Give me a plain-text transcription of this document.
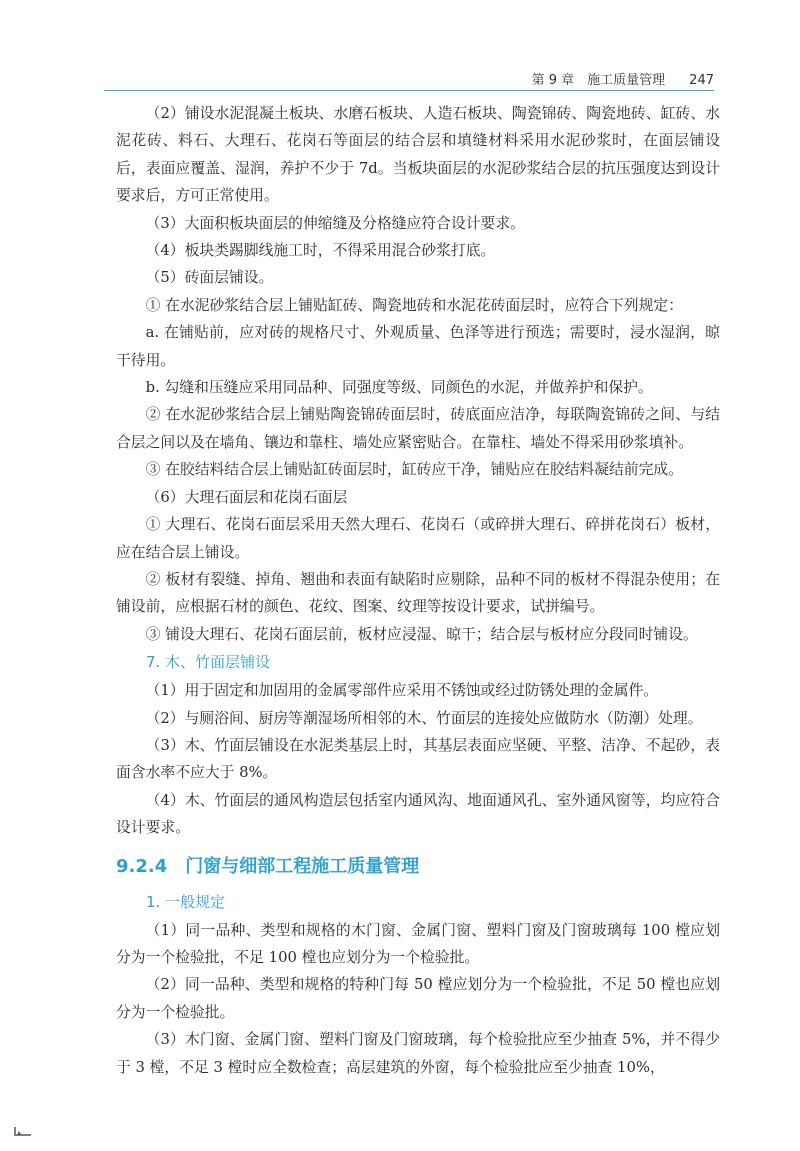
第 9 章　施工质量管理 247

（2）铺设水泥混凝土板块、水磨石板块、人造石板块、陶瓷锦砖、陶瓷地砖、缸砖、水泥花砖、料石、大理石、花岗石等面层的结合层和填缝材料采用水泥砂浆时，在面层铺设后，表面应覆盖、湿润，养护不少于 7d。当板块面层的水泥砂浆结合层的抗压强度达到设计要求后，方可正常使用。

（3）大面积板块面层的伸缩缝及分格缝应符合设计要求。

（4）板块类踢脚线施工时，不得采用混合砂浆打底。

（5）砖面层铺设。

① 在水泥砂浆结合层上铺贴缸砖、陶瓷地砖和水泥花砖面层时，应符合下列规定：

a. 在铺贴前，应对砖的规格尺寸、外观质量、色泽等进行预选；需要时，浸水湿润，晾干待用。

b. 勾缝和压缝应采用同品种、同强度等级、同颜色的水泥，并做养护和保护。

② 在水泥砂浆结合层上铺贴陶瓷锦砖面层时，砖底面应洁净，每联陶瓷锦砖之间、与结合层之间以及在墙角、镶边和靠柱、墙处应紧密贴合。在靠柱、墙处不得采用砂浆填补。

③ 在胶结料结合层上铺贴缸砖面层时，缸砖应干净，铺贴应在胶结料凝结前完成。

（6）大理石面层和花岗石面层

① 大理石、花岗石面层采用天然大理石、花岗石（或碎拼大理石、碎拼花岗石）板材，应在结合层上铺设。

② 板材有裂缝、掉角、翘曲和表面有缺陷时应剔除，品种不同的板材不得混杂使用；在铺设前，应根据石材的颜色、花纹、图案、纹理等按设计要求，试拼编号。

③ 铺设大理石、花岗石面层前，板材应浸湿、晾干；结合层与板材应分段同时铺设。

7. 木、竹面层铺设

（1）用于固定和加固用的金属零部件应采用不锈蚀或经过防锈处理的金属件。

（2）与厕浴间、厨房等潮湿场所相邻的木、竹面层的连接处应做防水（防潮）处理。

（3）木、竹面层铺设在水泥类基层上时，其基层表面应坚硬、平整、洁净、不起砂，表面含水率不应大于 8%。

（4）木、竹面层的通风构造层包括室内通风沟、地面通风孔、室外通风窗等，均应符合设计要求。

9.2.4 门窗与细部工程施工质量管理

1. 一般规定

（1）同一品种、类型和规格的木门窗、金属门窗、塑料门窗及门窗玻璃每 100 樘应划分为一个检验批，不足 100 樘也应划分为一个检验批。

（2）同一品种、类型和规格的特种门每 50 樘应划分为一个检验批，不足 50 樘也应划分为一个检验批。

（3）木门窗、金属门窗、塑料门窗及门窗玻璃，每个检验批应至少抽查 5%，并不得少于 3 樘，不足 3 樘时应全数检查；高层建筑的外窗，每个检验批应至少抽查 10%，
